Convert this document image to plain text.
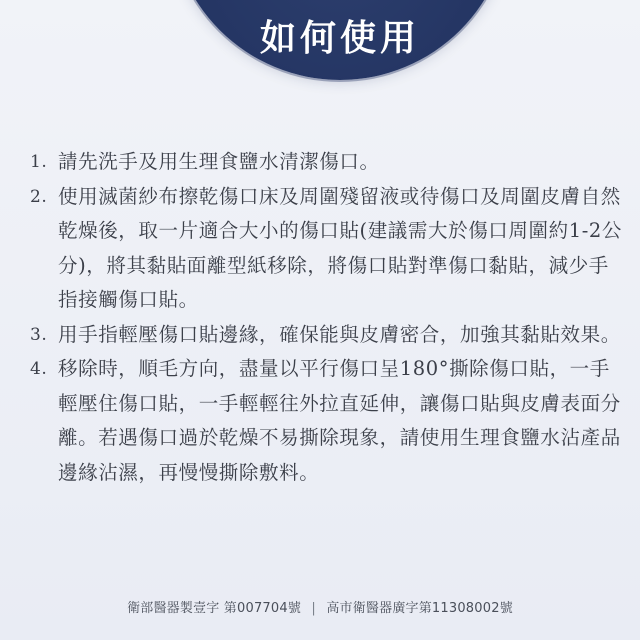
如何使用
1. 請先洗手及用生理食鹽水清潔傷口。
2. 使用滅菌紗布擦乾傷口床及周圍殘留液或待傷口及周圍皮膚自然乾燥後，取一片適合大小的傷口貼(建議需大於傷口周圍約1-2公分)，將其黏貼面離型紙移除，將傷口貼對準傷口黏貼，減少手指接觸傷口貼。
3. 用手指輕壓傷口貼邊緣，確保能與皮膚密合，加強其黏貼效果。
4. 移除時，順毛方向，盡量以平行傷口呈180°撕除傷口貼，一手輕壓住傷口貼，一手輕輕往外拉直延伸，讓傷口貼與皮膚表面分離。若遇傷口過於乾燥不易撕除現象，請使用生理食鹽水沾產品邊緣沾濕，再慢慢撕除敷料。
衛部醫器製壹字 第007704號 | 高市衛醫器廣字第11308002號
